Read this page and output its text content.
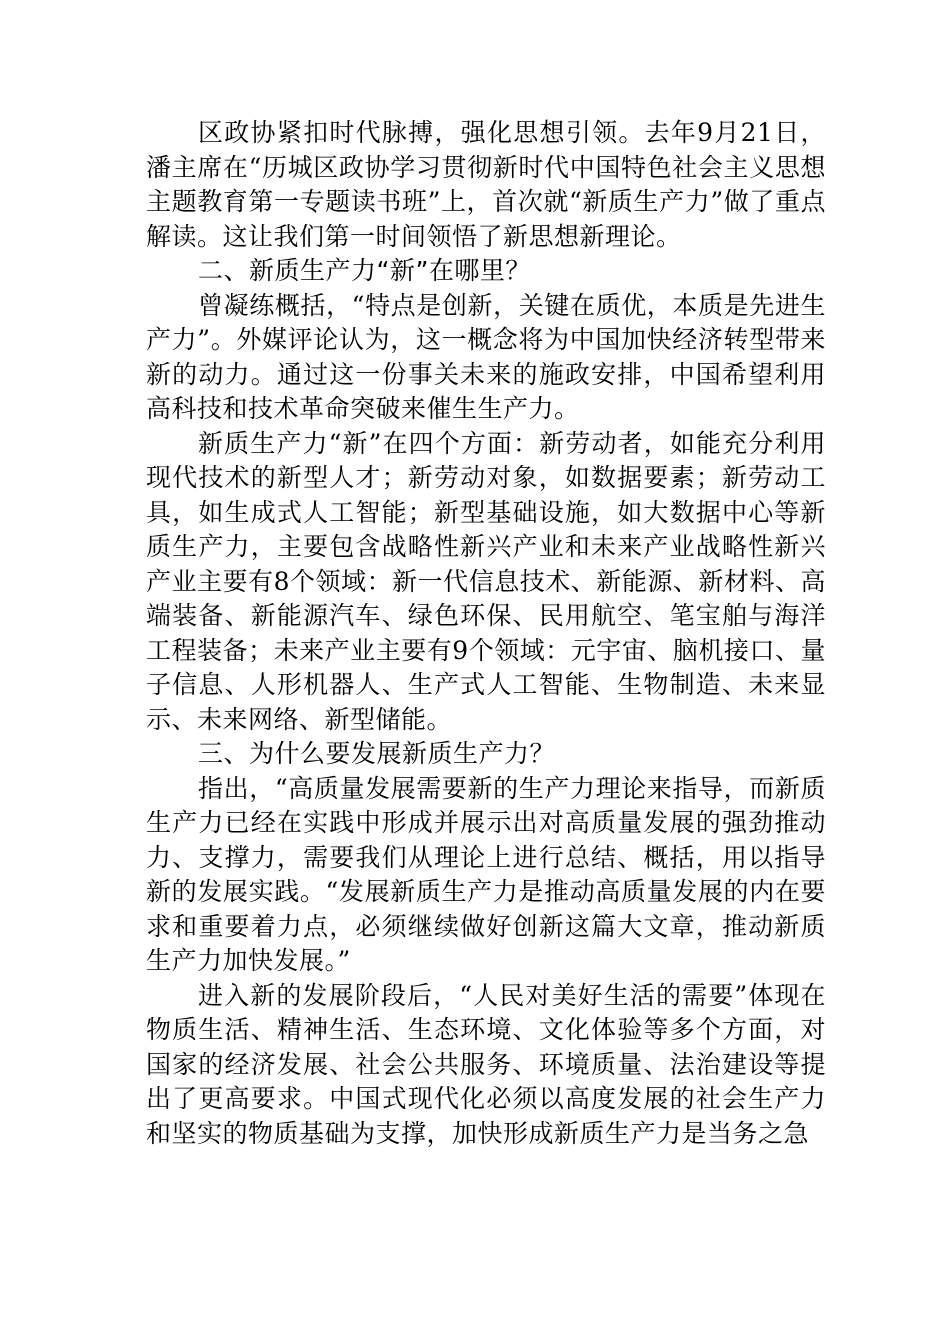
区政协紧扣时代脉搏，强化思想引领。去年9月21日，潘主席在“历城区政协学习贯彻新时代中国特色社会主义思想主题教育第一专题读书班”上，首次就“新质生产力”做了重点解读。这让我们第一时间领悟了新思想新理论。

二、新质生产力“新”在哪里？

曾凝练概括，“特点是创新，关键在质优，本质是先进生产力”。外媒评论认为，这一概念将为中国加快经济转型带来新的动力。通过这一份事关未来的施政安排，中国希望利用高科技和技术革命突破来催生生产力。

新质生产力“新”在四个方面：新劳动者，如能充分利用现代技术的新型人才；新劳动对象，如数据要素；新劳动工具，如生成式人工智能；新型基础设施，如大数据中心等新质生产力，主要包含战略性新兴产业和未来产业战略性新兴产业主要有8个领域：新一代信息技术、新能源、新材料、高端装备、新能源汽车、绿色环保、民用航空、笔宝舶与海洋工程装备；未来产业主要有9个领域：元宇宙、脑机接口、量子信息、人形机器人、生产式人工智能、生物制造、未来显示、未来网络、新型储能。

三、为什么要发展新质生产力？

指出，“高质量发展需要新的生产力理论来指导，而新质生产力已经在实践中形成并展示出对高质量发展的强劲推动力、支撑力，需要我们从理论上进行总结、概括，用以指导新的发展实践。“发展新质生产力是推动高质量发展的内在要求和重要着力点，必须继续做好创新这篇大文章，推动新质生产力加快发展。”

进入新的发展阶段后，“人民对美好生活的需要”体现在物质生活、精神生活、生态环境、文化体验等多个方面，对国家的经济发展、社会公共服务、环境质量、法治建设等提出了更高要求。中国式现代化必须以高度发展的社会生产力和坚实的物质基础为支撑，加快形成新质生产力是当务之急
